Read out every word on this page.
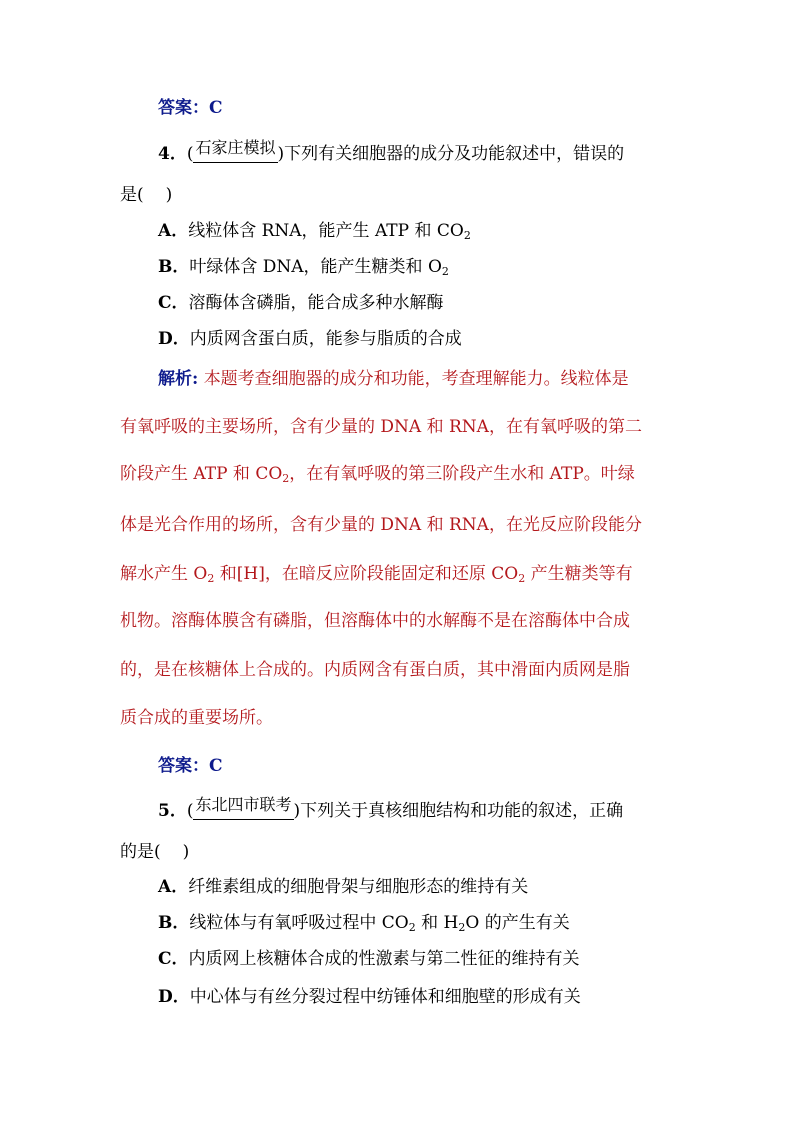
答案：C
4．( 石家庄模拟 )下列有关细胞器的成分及功能叙述中，错误的
是( )
A．线粒体含 RNA，能产生 ATP 和 $CO_2$
B．叶绿体含 DNA，能产生糖类和 $O_2$
C．溶酶体含磷脂，能合成多种水解酶
D．内质网含蛋白质，能参与脂质的合成
解析: 本题考查细胞器的成分和功能，考查理解能力。线粒体是
有氧呼吸的主要场所，含有少量的 DNA 和 RNA，在有氧呼吸的第二
阶段产生 ATP 和 $CO_2$，在有氧呼吸的第三阶段产生水和 ATP。叶绿
体是光合作用的场所，含有少量的 DNA 和 RNA，在光反应阶段能分
解水产生 $O_2$ 和[H]，在暗反应阶段能固定和还原 $CO_2$ 产生糖类等有
机物。溶酶体膜含有磷脂，但溶酶体中的水解酶不是在溶酶体中合成
的，是在核糖体上合成的。内质网含有蛋白质，其中滑面内质网是脂
质合成的重要场所。
答案：C
5．( 东北四市联考 )下列关于真核细胞结构和功能的叙述，正确
的是( )
A．纤维素组成的细胞骨架与细胞形态的维持有关
B．线粒体与有氧呼吸过程中 $CO_2$ 和 $H_2O$ 的产生有关
C．内质网上核糖体合成的性激素与第二性征的维持有关
D．中心体与有丝分裂过程中纺锤体和细胞壁的形成有关
